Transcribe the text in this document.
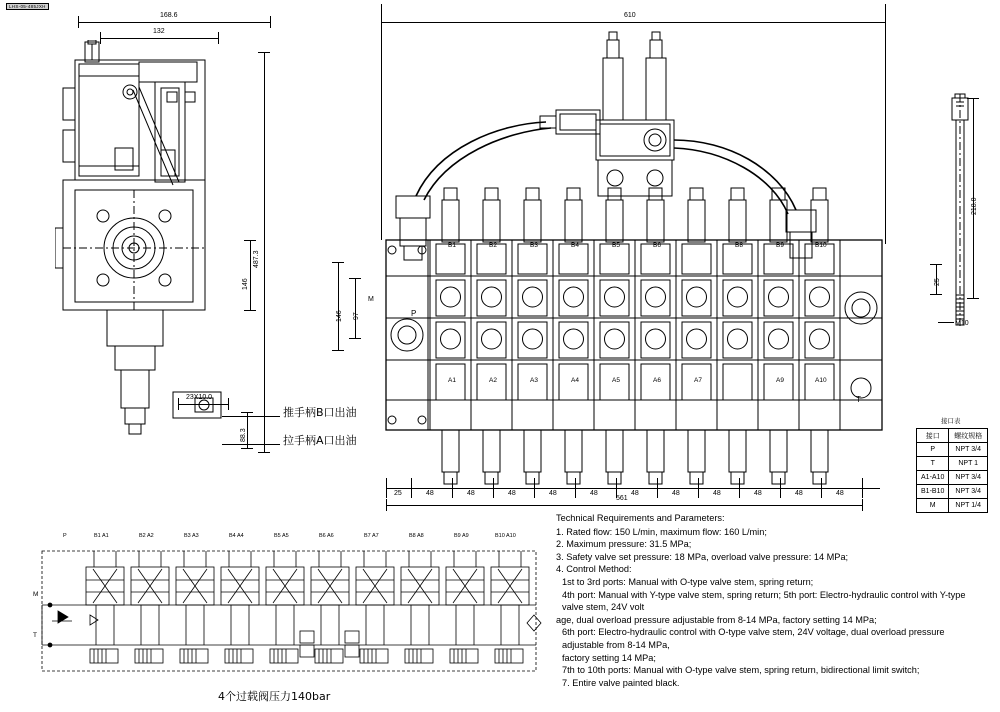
LHS-05-485JXH
168.6
132
487.3
146
23X10.0
88.3
推手柄B口出油
拉手柄A口出油
610
B1	B2	B3	B4	B5	B6	B8	B9	B10
A1	A2	A3	A4	A5	A6	A7	A9	A10
P
T
146 97
M
25	48	48	48	48	48	48	48	48	48	48	48
561
218.0
25
M10
接口表

接口	螺纹规格
P	NPT 3/4
T	NPT 1
A1-A10	NPT 3/4
B1-B10	NPT 3/4
M	NPT 1/4
Technical Requirements and Parameters:
1. Rated flow: 150 L/min, maximum flow: 160 L/min;
2. Maximum pressure: 31.5 MPa;
3. Safety valve set pressure: 18 MPa, overload valve pressure: 14 MPa;
4. Control Method:
1st to 3rd ports: Manual with O-type valve stem, spring return;
4th port: Manual with Y-type valve stem, spring return; 5th port: Electro-hydraulic control with Y-type valve stem, 24V volt
age, dual overload pressure adjustable from 8-14 MPa, factory setting 14 MPa;
6th port: Electro-hydraulic control with O-type valve stem, 24V voltage, dual overload pressure adjustable from 8-14 MPa,
factory setting 14 MPa;
7th to 10th ports: Manual with O-type valve stem, spring return, bidirectional limit switch;
7. Entire valve painted black.
P	B1 A1	B2 A2	B3 A3	B4 A4	B5 A5	B6 A6	B7 A7	B8 A8	B9 A9	B10 A10
M
T
4个过载阀压力140bar
